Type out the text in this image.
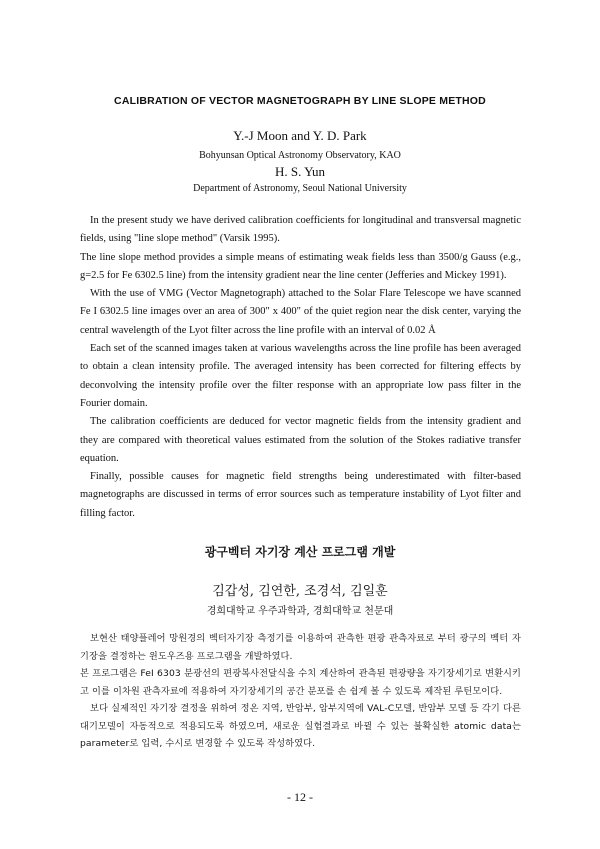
CALIBRATION OF VECTOR MAGNETOGRAPH BY LINE SLOPE METHOD
Y.-J Moon and Y. D. Park
Bohyunsan Optical Astronomy Observatory, KAO
H. S. Yun
Department of Astronomy, Seoul National University

In the present study we have derived calibration coefficients for longitudinal and transversal magnetic fields, using "line slope method" (Varsik 1995).

The line slope method provides a simple means of estimating weak fields less than 3500/g Gauss (e.g., g=2.5 for Fe 6302.5 line) from the intensity gradient near the line center (Jefferies and Mickey 1991).

With the use of VMG (Vector Magnetograph) attached to the Solar Flare Telescope we have scanned Fe I 6302.5 line images over an area of 300" x 400" of the quiet region near the disk center, varying the central wavelength of the Lyot filter across the line profile with an interval of 0.02 Å

Each set of the scanned images taken at various wavelengths across the line profile has been averaged to obtain a clean intensity profile. The averaged intensity has been corrected for filtering effects by deconvolving the intensity profile over the filter response with an appropriate low pass filter in the Fourier domain.

The calibration coefficients are deduced for vector magnetic fields from the intensity gradient and they are compared with theoretical values estimated from the solution of the Stokes radiative transfer equation.

Finally, possible causes for magnetic field strengths being underestimated with filter-based magnetographs are discussed in terms of error sources such as temperature instability of Lyot filter and filling factor.

광구벡터 자기장 계산 프로그램 개발
김갑성, 김연한, 조경석, 김일훈
경희대학교 우주과학과, 경희대학교 천문대

보현산 태양플레어 망원경의 벡터자기장 측정기를 이용하여 관측한 편광 관측자료로 부터 광구의 벡터 자기장을 결정하는 윈도우즈용 프로그램을 개발하였다.

본 프로그램은 FeI 6303 분광선의 편광복사전달식을 수치 계산하여 관측된 편광량을 자기장세기로 변환시키고 이를 이차원 관측자료에 적용하여 자기장세기의 공간 분포를 손 쉽게 볼 수 있도록 제작된 루틴모이다.

보다 실제적인 자기장 결정을 위하여 정온 지역, 반암부, 암부지역에 VAL-C모델, 반암부 모델 등 각기 다른 대기모델이 자동적으로 적용되도록 하였으며, 새로운 실험결과로 바뀔 수 있는 불확실한 atomic data는 parameter로 입력, 수시로 변경할 수 있도록 작성하였다.

- 12 -
